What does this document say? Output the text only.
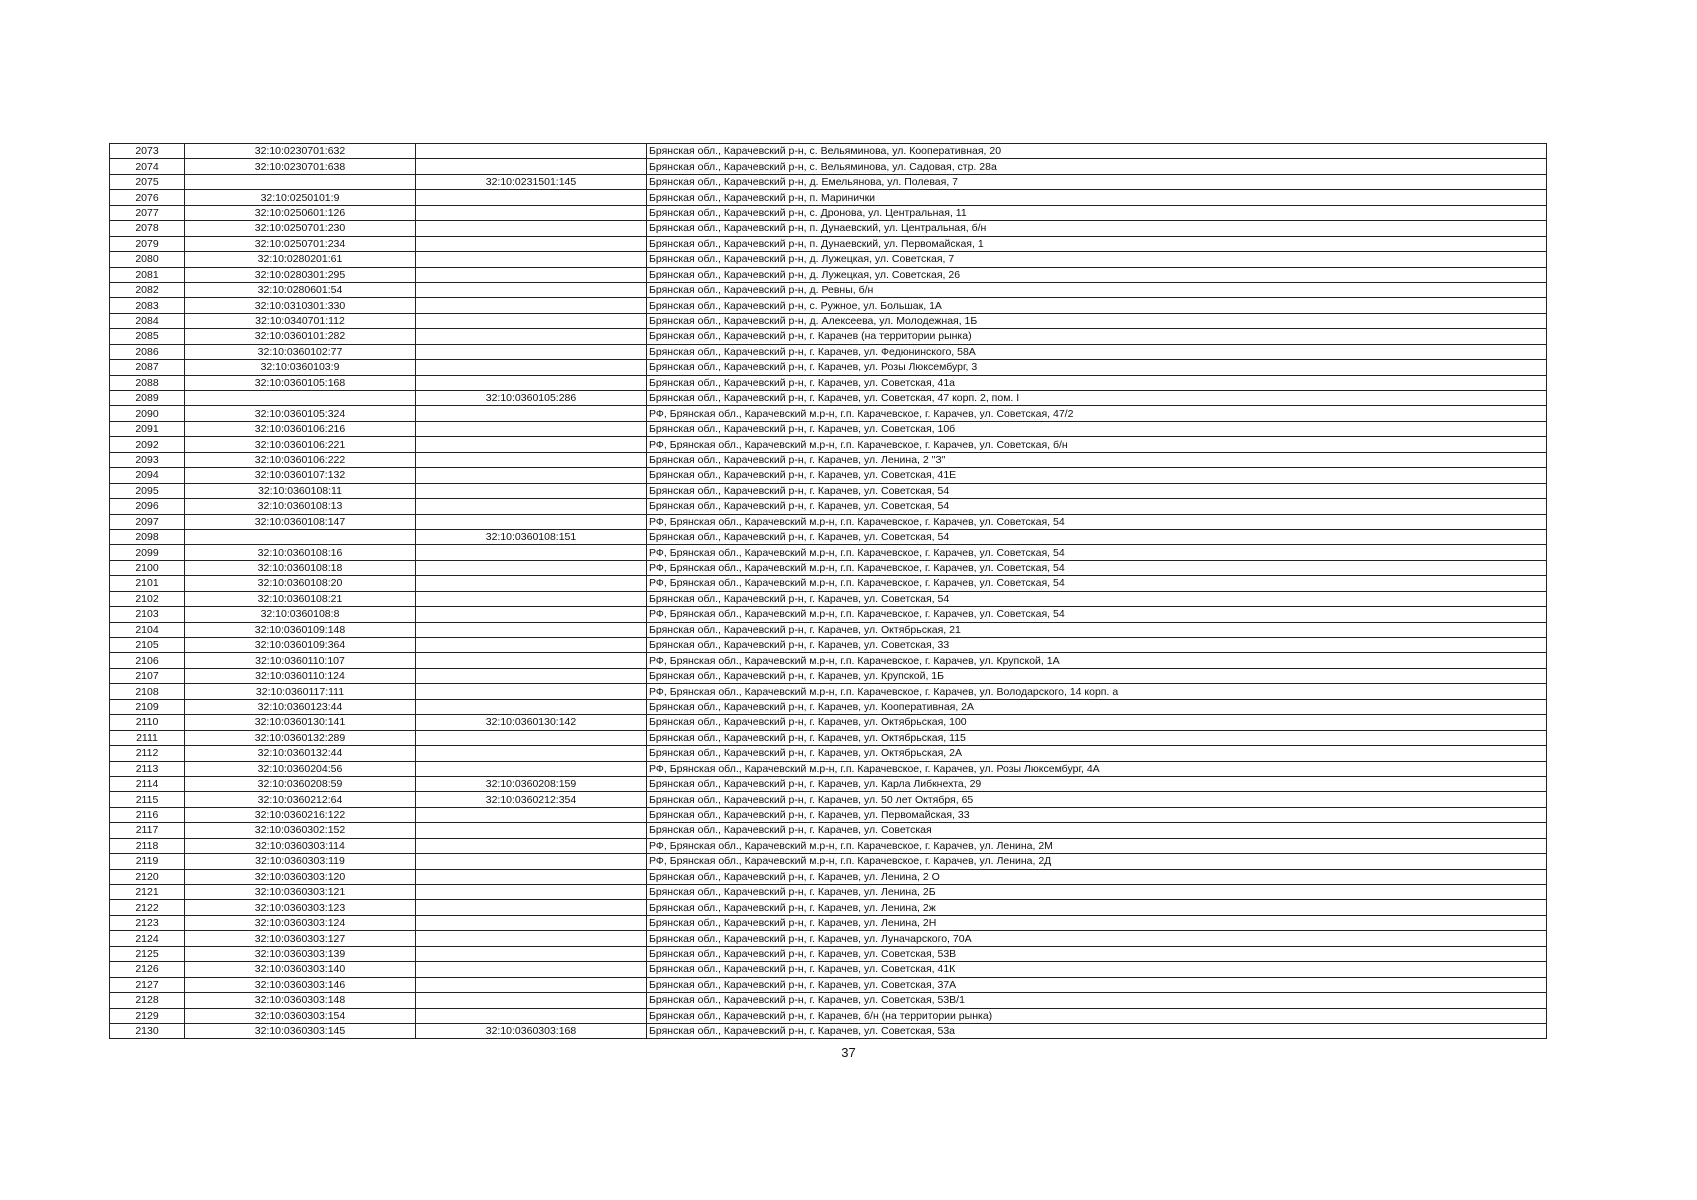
2073	32:10:0230701:632		Брянская обл., Карачевский р-н, с. Вельяминова, ул. Кооперативная, 20
2074	32:10:0230701:638		Брянская обл., Карачевский р-н, с. Вельяминова, ул. Садовая, стр. 28а
2075		32:10:0231501:145	Брянская обл., Карачевский р-н, д. Емельянова, ул. Полевая, 7
2076	32:10:0250101:9		Брянская обл., Карачевский р-н, п. Маринички
2077	32:10:0250601:126		Брянская обл., Карачевский р-н, с. Дронова, ул. Центральная, 11
2078	32:10:0250701:230		Брянская обл., Карачевский р-н, п. Дунаевский, ул. Центральная, б/н
2079	32:10:0250701:234		Брянская обл., Карачевский р-н, п. Дунаевский, ул. Первомайская, 1
2080	32:10:0280201:61		Брянская обл., Карачевский р-н, д. Лужецкая, ул. Советская, 7
2081	32:10:0280301:295		Брянская обл., Карачевский р-н, д. Лужецкая, ул. Советская, 26
2082	32:10:0280601:54		Брянская обл., Карачевский р-н, д. Ревны, б/н
2083	32:10:0310301:330		Брянская обл., Карачевский р-н, с. Ружное, ул. Большак, 1А
2084	32:10:0340701:112		Брянская обл., Карачевский р-н, д. Алексеева, ул. Молодежная, 1Б
2085	32:10:0360101:282		Брянская обл., Карачевский р-н, г. Карачев (на территории рынка)
2086	32:10:0360102:77		Брянская обл., Карачевский р-н, г. Карачев, ул. Федюнинского, 58А
2087	32:10:0360103:9		Брянская обл., Карачевский р-н, г. Карачев, ул. Розы Люксембург, 3
2088	32:10:0360105:168		Брянская обл., Карачевский р-н, г. Карачев, ул. Советская, 41а
2089		32:10:0360105:286	Брянская обл., Карачевский р-н, г. Карачев, ул. Советская, 47 корп. 2, пом. I
2090	32:10:0360105:324		РФ, Брянская обл., Карачевский м.р-н, г.п. Карачевское, г. Карачев, ул. Советская, 47/2
2091	32:10:0360106:216		Брянская обл., Карачевский р-н, г. Карачев, ул. Советская, 10б
2092	32:10:0360106:221		РФ, Брянская обл., Карачевский м.р-н, г.п. Карачевское, г. Карачев, ул. Советская, б/н
2093	32:10:0360106:222		Брянская обл., Карачевский р-н, г. Карачев, ул. Ленина, 2 "З"
2094	32:10:0360107:132		Брянская обл., Карачевский р-н, г. Карачев, ул. Советская, 41Е
2095	32:10:0360108:11		Брянская обл., Карачевский р-н, г. Карачев, ул. Советская, 54
2096	32:10:0360108:13		Брянская обл., Карачевский р-н, г. Карачев, ул. Советская, 54
2097	32:10:0360108:147		РФ, Брянская обл., Карачевский м.р-н, г.п. Карачевское, г. Карачев, ул. Советская, 54
2098		32:10:0360108:151	Брянская обл., Карачевский р-н, г. Карачев, ул. Советская, 54
2099	32:10:0360108:16		РФ, Брянская обл., Карачевский м.р-н, г.п. Карачевское, г. Карачев, ул. Советская, 54
2100	32:10:0360108:18		РФ, Брянская обл., Карачевский м.р-н, г.п. Карачевское, г. Карачев, ул. Советская, 54
2101	32:10:0360108:20		РФ, Брянская обл., Карачевский м.р-н, г.п. Карачевское, г. Карачев, ул. Советская, 54
2102	32:10:0360108:21		Брянская обл., Карачевский р-н, г. Карачев, ул. Советская, 54
2103	32:10:0360108:8		РФ, Брянская обл., Карачевский м.р-н, г.п. Карачевское, г. Карачев, ул. Советская, 54
2104	32:10:0360109:148		Брянская обл., Карачевский р-н, г. Карачев, ул. Октябрьская, 21
2105	32:10:0360109:364		Брянская обл., Карачевский р-н, г. Карачев, ул. Советская, 33
2106	32:10:0360110:107		РФ, Брянская обл., Карачевский м.р-н, г.п. Карачевское, г. Карачев, ул. Крупской, 1А
2107	32:10:0360110:124		Брянская обл., Карачевский р-н, г. Карачев, ул. Крупской, 1Б
2108	32:10:0360117:111		РФ, Брянская обл., Карачевский м.р-н, г.п. Карачевское, г. Карачев, ул. Володарского, 14 корп. а
2109	32:10:0360123:44		Брянская обл., Карачевский р-н, г. Карачев, ул. Кооперативная, 2А
2110	32:10:0360130:141	32:10:0360130:142	Брянская обл., Карачевский р-н, г. Карачев, ул. Октябрьская, 100
2111	32:10:0360132:289		Брянская обл., Карачевский р-н, г. Карачев, ул. Октябрьская, 115
2112	32:10:0360132:44		Брянская обл., Карачевский р-н, г. Карачев, ул. Октябрьская, 2А
2113	32:10:0360204:56		РФ, Брянская обл., Карачевский м.р-н, г.п. Карачевское, г. Карачев, ул. Розы Люксембург, 4А
2114	32:10:0360208:59	32:10:0360208:159	Брянская обл., Карачевский р-н, г. Карачев, ул. Карла Либкнехта, 29
2115	32:10:0360212:64	32:10:0360212:354	Брянская обл., Карачевский р-н, г. Карачев, ул. 50 лет Октября, 65
2116	32:10:0360216:122		Брянская обл., Карачевский р-н, г. Карачев, ул. Первомайская, 33
2117	32:10:0360302:152		Брянская обл., Карачевский р-н, г. Карачев, ул. Советская
2118	32:10:0360303:114		РФ, Брянская обл., Карачевский м.р-н, г.п. Карачевское, г. Карачев, ул. Ленина, 2М
2119	32:10:0360303:119		РФ, Брянская обл., Карачевский м.р-н, г.п. Карачевское, г. Карачев, ул. Ленина, 2Д
2120	32:10:0360303:120		Брянская обл., Карачевский р-н, г. Карачев, ул. Ленина, 2 О
2121	32:10:0360303:121		Брянская обл., Карачевский р-н, г. Карачев, ул. Ленина, 2Б
2122	32:10:0360303:123		Брянская обл., Карачевский р-н, г. Карачев, ул. Ленина, 2ж
2123	32:10:0360303:124		Брянская обл., Карачевский р-н, г. Карачев, ул. Ленина, 2Н
2124	32:10:0360303:127		Брянская обл., Карачевский р-н, г. Карачев, ул. Луначарского, 70А
2125	32:10:0360303:139		Брянская обл., Карачевский р-н, г. Карачев, ул. Советская, 53В
2126	32:10:0360303:140		Брянская обл., Карачевский р-н, г. Карачев, ул. Советская, 41К
2127	32:10:0360303:146		Брянская обл., Карачевский р-н, г. Карачев, ул. Советская, 37А
2128	32:10:0360303:148		Брянская обл., Карачевский р-н, г. Карачев, ул. Советская, 53В/1
2129	32:10:0360303:154		Брянская обл., Карачевский р-н, г. Карачев, б/н (на территории рынка)
2130	32:10:0360303:145	32:10:0360303:168	Брянская обл., Карачевский р-н, г. Карачев, ул. Советская, 53а
37
